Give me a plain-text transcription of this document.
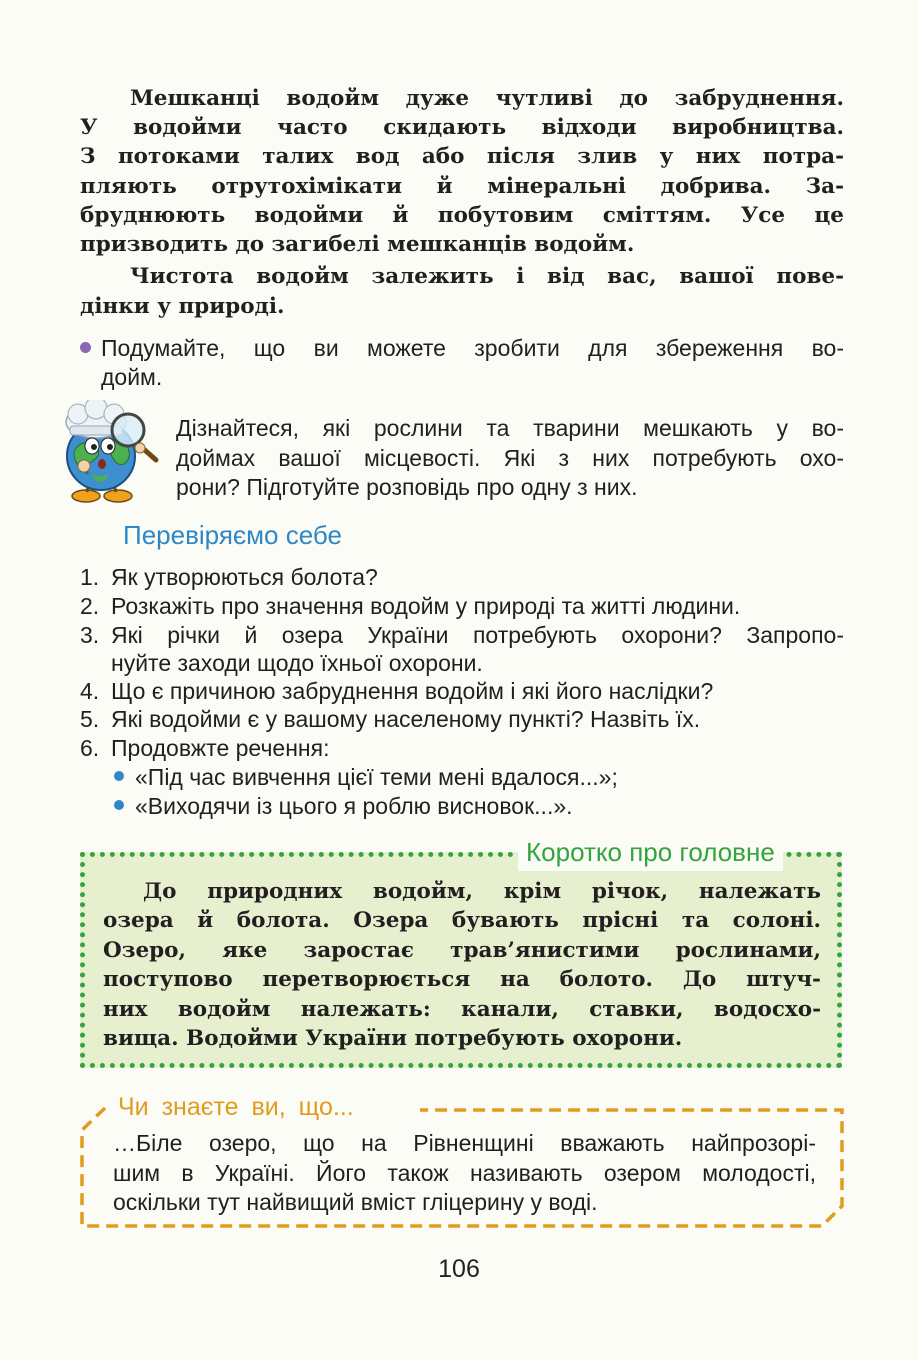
Мешканці водойм дуже чутливі до забруднення.
У водойми часто скидають відходи виробництва.
З потоками талих вод або після злив у них потра-
пляють отрутохімікати й мінеральні добрива. За-
бруднюють водойми й побутовим сміттям. Усе це
призводить до загибелі мешканців водойм.
Чистота водойм залежить і від вас, вашої пове-
дінки у природі.
Подумайте, що ви можете зробити для збереження во-
дойм.
Дізнайтеся, які рослини та тварини мешкають у во-
доймах вашої місцевості. Які з них потребують охо-
рони? Підготуйте розповідь про одну з них.
Перевіряємо себе
1. Як утворюються болота?
2. Розкажіть про значення водойм у природі та житті людини.
3. Які річки й озера України потребують охорони? Запропо-
нуйте заходи щодо їхньої охорони.
4. Що є причиною забруднення водойм і які його наслідки?
5. Які водойми є у вашому населеному пункті? Назвіть їх.
6. Продовжте речення:
«Під час вивчення цієї теми мені вдалося...»;
«Виходячи із цього я роблю висновок...».
Коротко про головне
До природних водойм, крім річок, належать
озера й болота. Озера бувають прісні та солоні.
Озеро, яке заростає трав’янистими рослинами,
поступово перетворюється на болото. До штуч-
них водойм належать: канали, ставки, водосхо-
вища. Водойми України потребують охорони.
Чи знаєте ви, що...
…Біле озеро, що на Рівненщині вважають найпрозорі-
шим в Україні. Його також називають озером молодості,
оскільки тут найвищий вміст гліцерину у воді.
106
